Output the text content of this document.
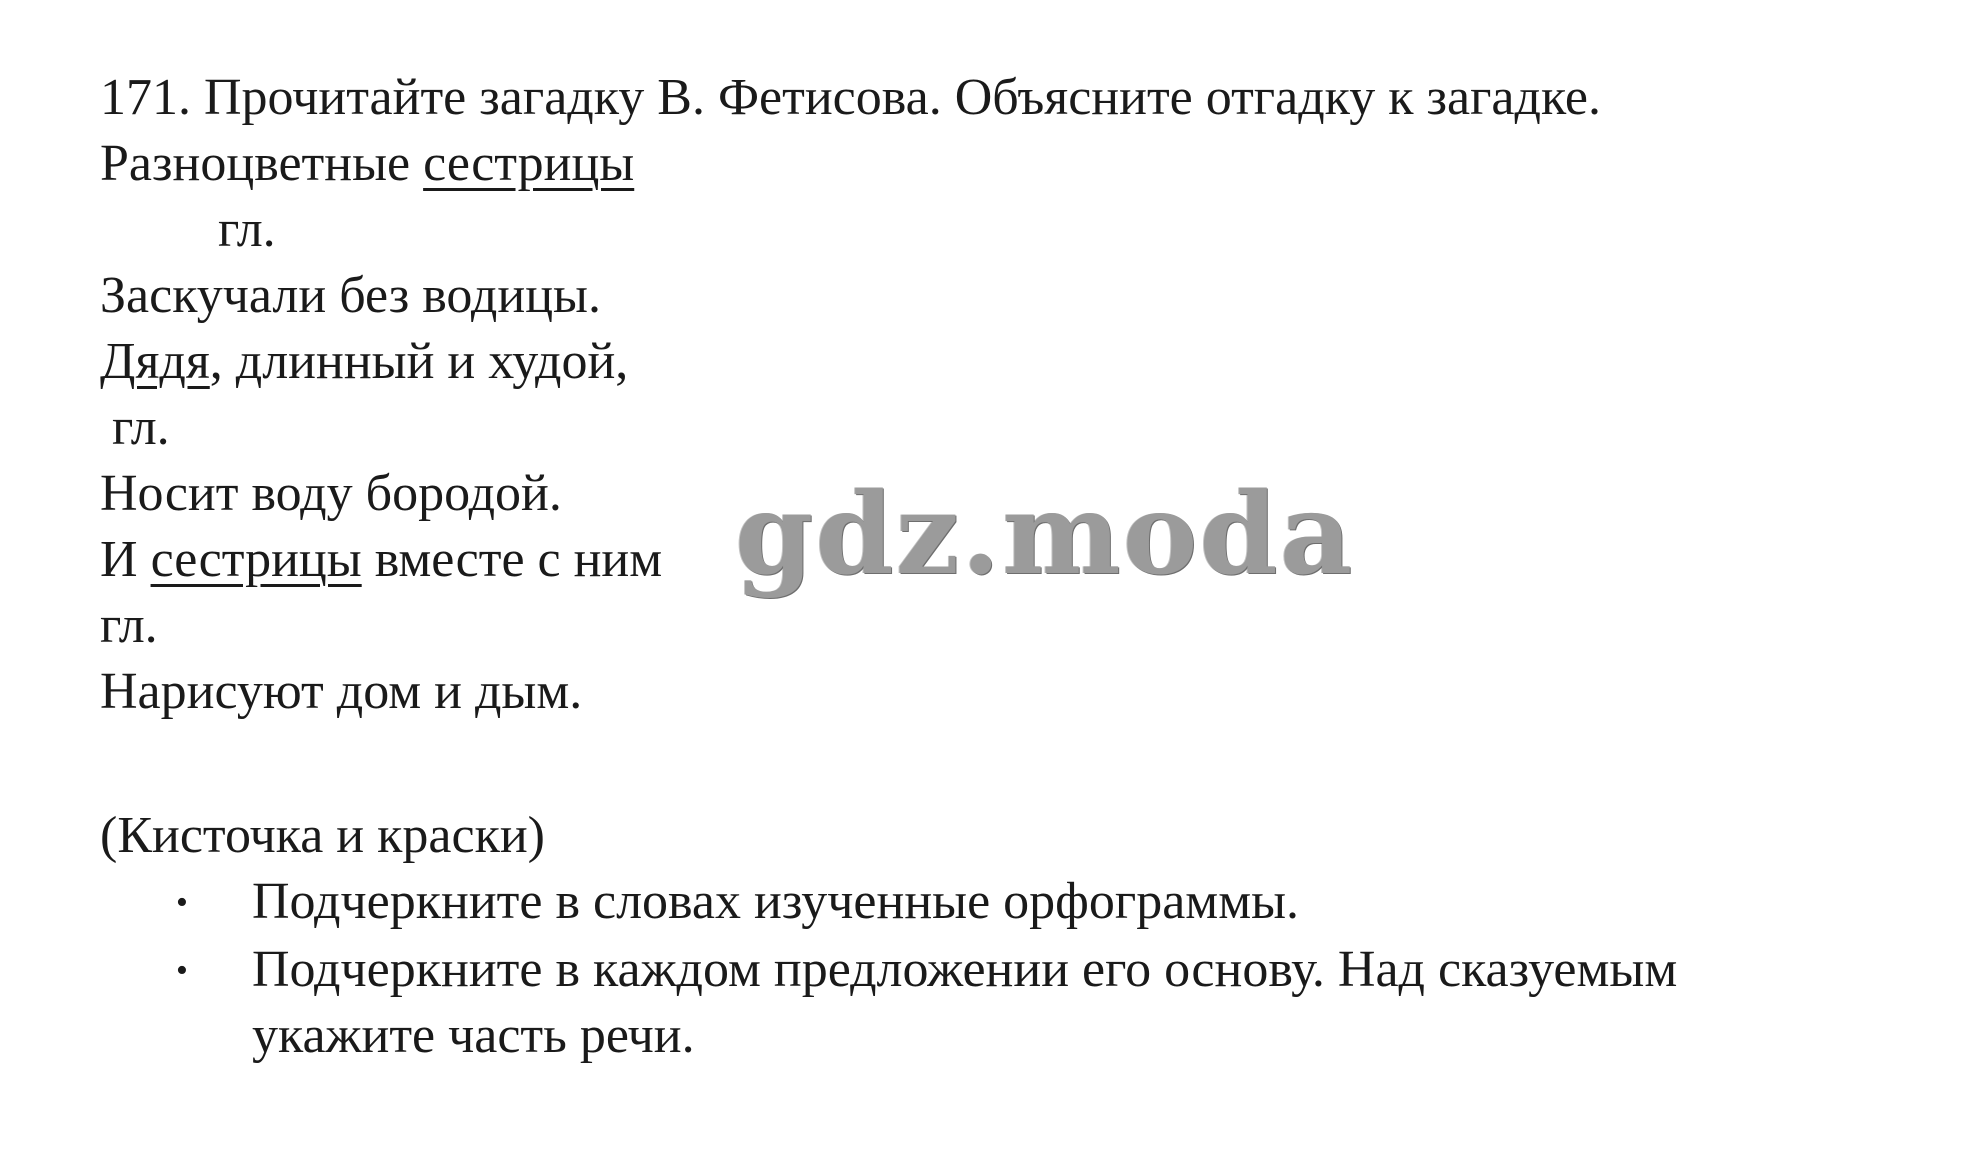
171. Прочитайте загадку В. Фетисова. Объясните отгадку к загадке.
Разноцветные сестрицы
гл.
Заскучали без водицы.
Дядя, длинный и худой,
гл.
Носит воду бородой.
И сестрицы вместе с ним
гл.
Нарисуют дом и дым.
(Кисточка и краски)
• Подчеркните в словах изученные орфограммы.
• Подчеркните в каждом предложении его основу. Над сказуемым
укажите часть речи.
gdz.moda
